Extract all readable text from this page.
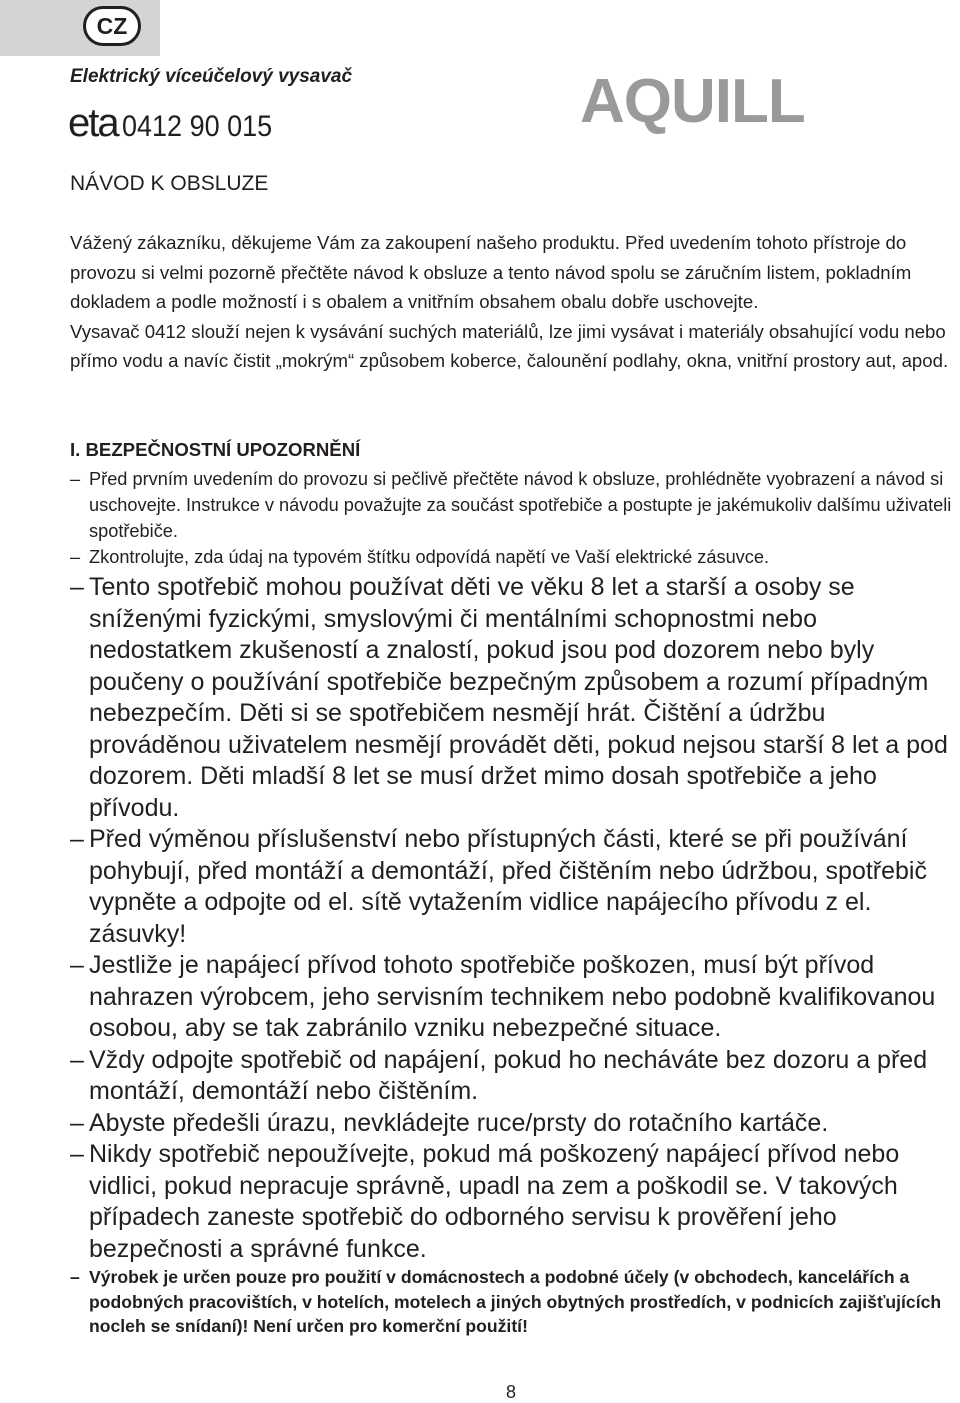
CZ
Elektrický víceúčelový vysavač
eta 0412 90 015	AQUILL
NÁVOD K OBSLUZE

Vážený zákazníku, děkujeme Vám za zakoupení našeho produktu. Před uvedením tohoto přístroje do provozu si velmi pozorně přečtěte návod k obsluze a tento návod spolu se záručním listem, pokladním dokladem a podle možností i s obalem a vnitřním obsahem obalu dobře uschovejte.

Vysavač 0412 slouží nejen k vysávání suchých materiálů, lze jimi vysávat i materiály obsahující vodu nebo přímo vodu a navíc čistit „mokrým“ způsobem koberce, čalounění podlahy, okna, vnitřní prostory aut, apod.

I. BEZPEČNOSTNÍ UPOZORNĚNÍ
– Před prvním uvedením do provozu si pečlivě přečtěte návod k obsluze, prohlédněte vyobrazení a návod si uschovejte. Instrukce v návodu považujte za součást spotřebiče a postupte je jakémukoliv dalšímu uživateli spotřebiče.
– Zkontrolujte, zda údaj na typovém štítku odpovídá napětí ve Vaší elektrické zásuvce.
– Tento spotřebič mohou používat děti ve věku 8 let a starší a osoby se sníženými fyzickými, smyslovými či mentálními schopnostmi nebo nedostatkem zkušeností a znalostí, pokud jsou pod dozorem nebo byly poučeny o používání spotřebiče bezpečným způsobem a rozumí případným nebezpečím. Děti si se spotřebičem nesmějí hrát. Čištění a údržbu prováděnou uživatelem nesmějí provádět děti, pokud nejsou starší 8 let a pod dozorem. Děti mladší 8 let se musí držet mimo dosah spotřebiče a jeho přívodu.
– Před výměnou příslušenství nebo přístupných části, které se při používání pohybují, před montáží a demontáží, před čištěním nebo údržbou, spotřebič vypněte a odpojte od el. sítě vytažením vidlice napájecího přívodu z el. zásuvky!
– Jestliže je napájecí přívod tohoto spotřebiče poškozen, musí být přívod nahrazen výrobcem, jeho servisním technikem nebo podobně kvalifikovanou osobou, aby se tak zabránilo vzniku nebezpečné situace.
– Vždy odpojte spotřebič od napájení, pokud ho necháváte bez dozoru a před montáží, demontáží nebo čištěním.
– Abyste předešli úrazu, nevkládejte ruce/prsty do rotačního kartáče.
– Nikdy spotřebič nepoužívejte, pokud má poškozený napájecí přívod nebo vidlici, pokud nepracuje správně, upadl na zem a poškodil se. V takových případech zaneste spotřebič do odborného servisu k prověření jeho bezpečnosti a správné funkce.
– Výrobek je určen pouze pro použití v domácnostech a podobné účely (v obchodech, kancelářích a podobných pracovištích, v hotelích, motelech a jiných obytných prostředích, v podnicích zajišťujících nocleh se snídaní)! Není určen pro komerční použití!
8
